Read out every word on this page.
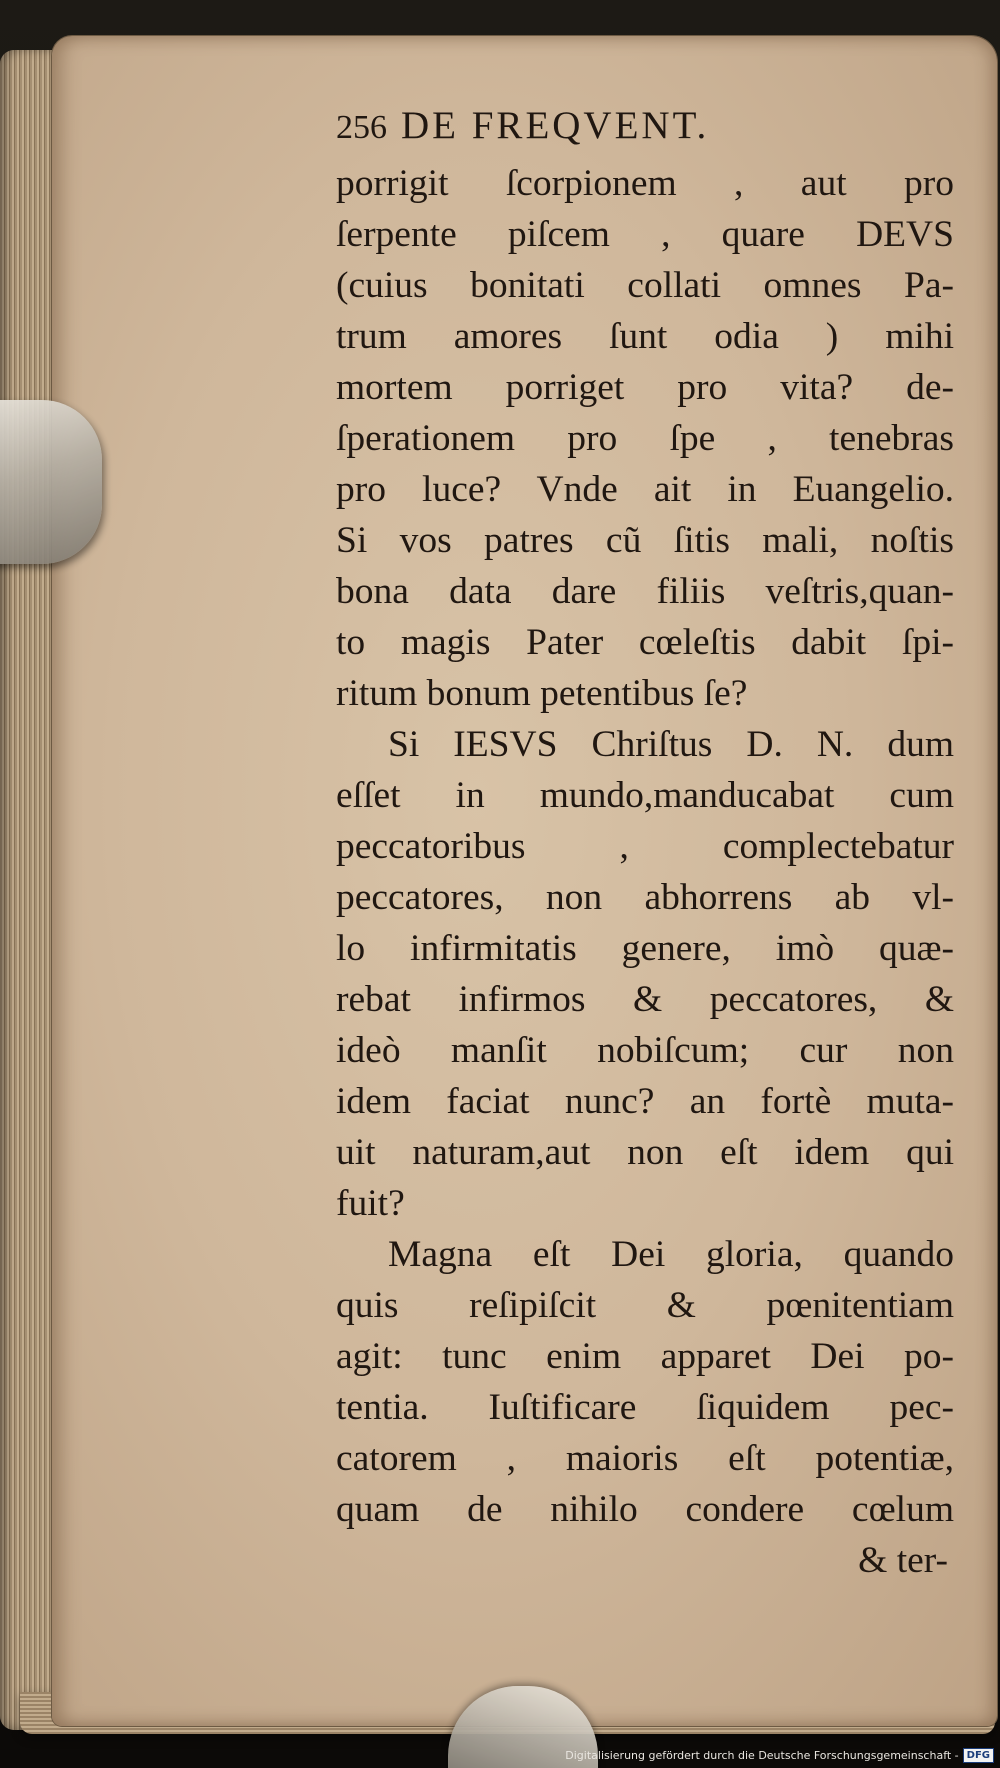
256 DE FREQVENT.
porrigit ſcorpionem , aut pro
ſerpente piſcem , quare DEVS
(cuius bonitati collati omnes Pa-
trum amores ſunt odia ) mihi
mortem porriget pro vita? de-
ſperationem pro ſpe , tenebras
pro luce? Vnde ait in Euangelio.
Si vos patres cũ ſitis mali, noſtis
bona data dare filiis veſtris,quan-
to magis Pater cœleſtis dabit ſpi-
ritum bonum petentibus ſe?
Si IESVS Chriſtus D. N. dum
eſſet in mundo,manducabat cum
peccatoribus , complectebatur
peccatores, non abhorrens ab vl-
lo infirmitatis genere, imò quæ-
rebat infirmos & peccatores, &
ideò manſit nobiſcum; cur non
idem faciat nunc? an fortè muta-
uit naturam,aut non eſt idem qui
fuit?
Magna eſt Dei gloria, quando
quis reſipiſcit & pœnitentiam
agit: tunc enim apparet Dei po-
tentia. Iuſtificare ſiquidem pec-
catorem , maioris eſt potentiæ,
quam de nihilo condere cœlum
& ter-
Digitalisierung gefördert durch die Deutsche Forschungsgemeinschaft - DFG
